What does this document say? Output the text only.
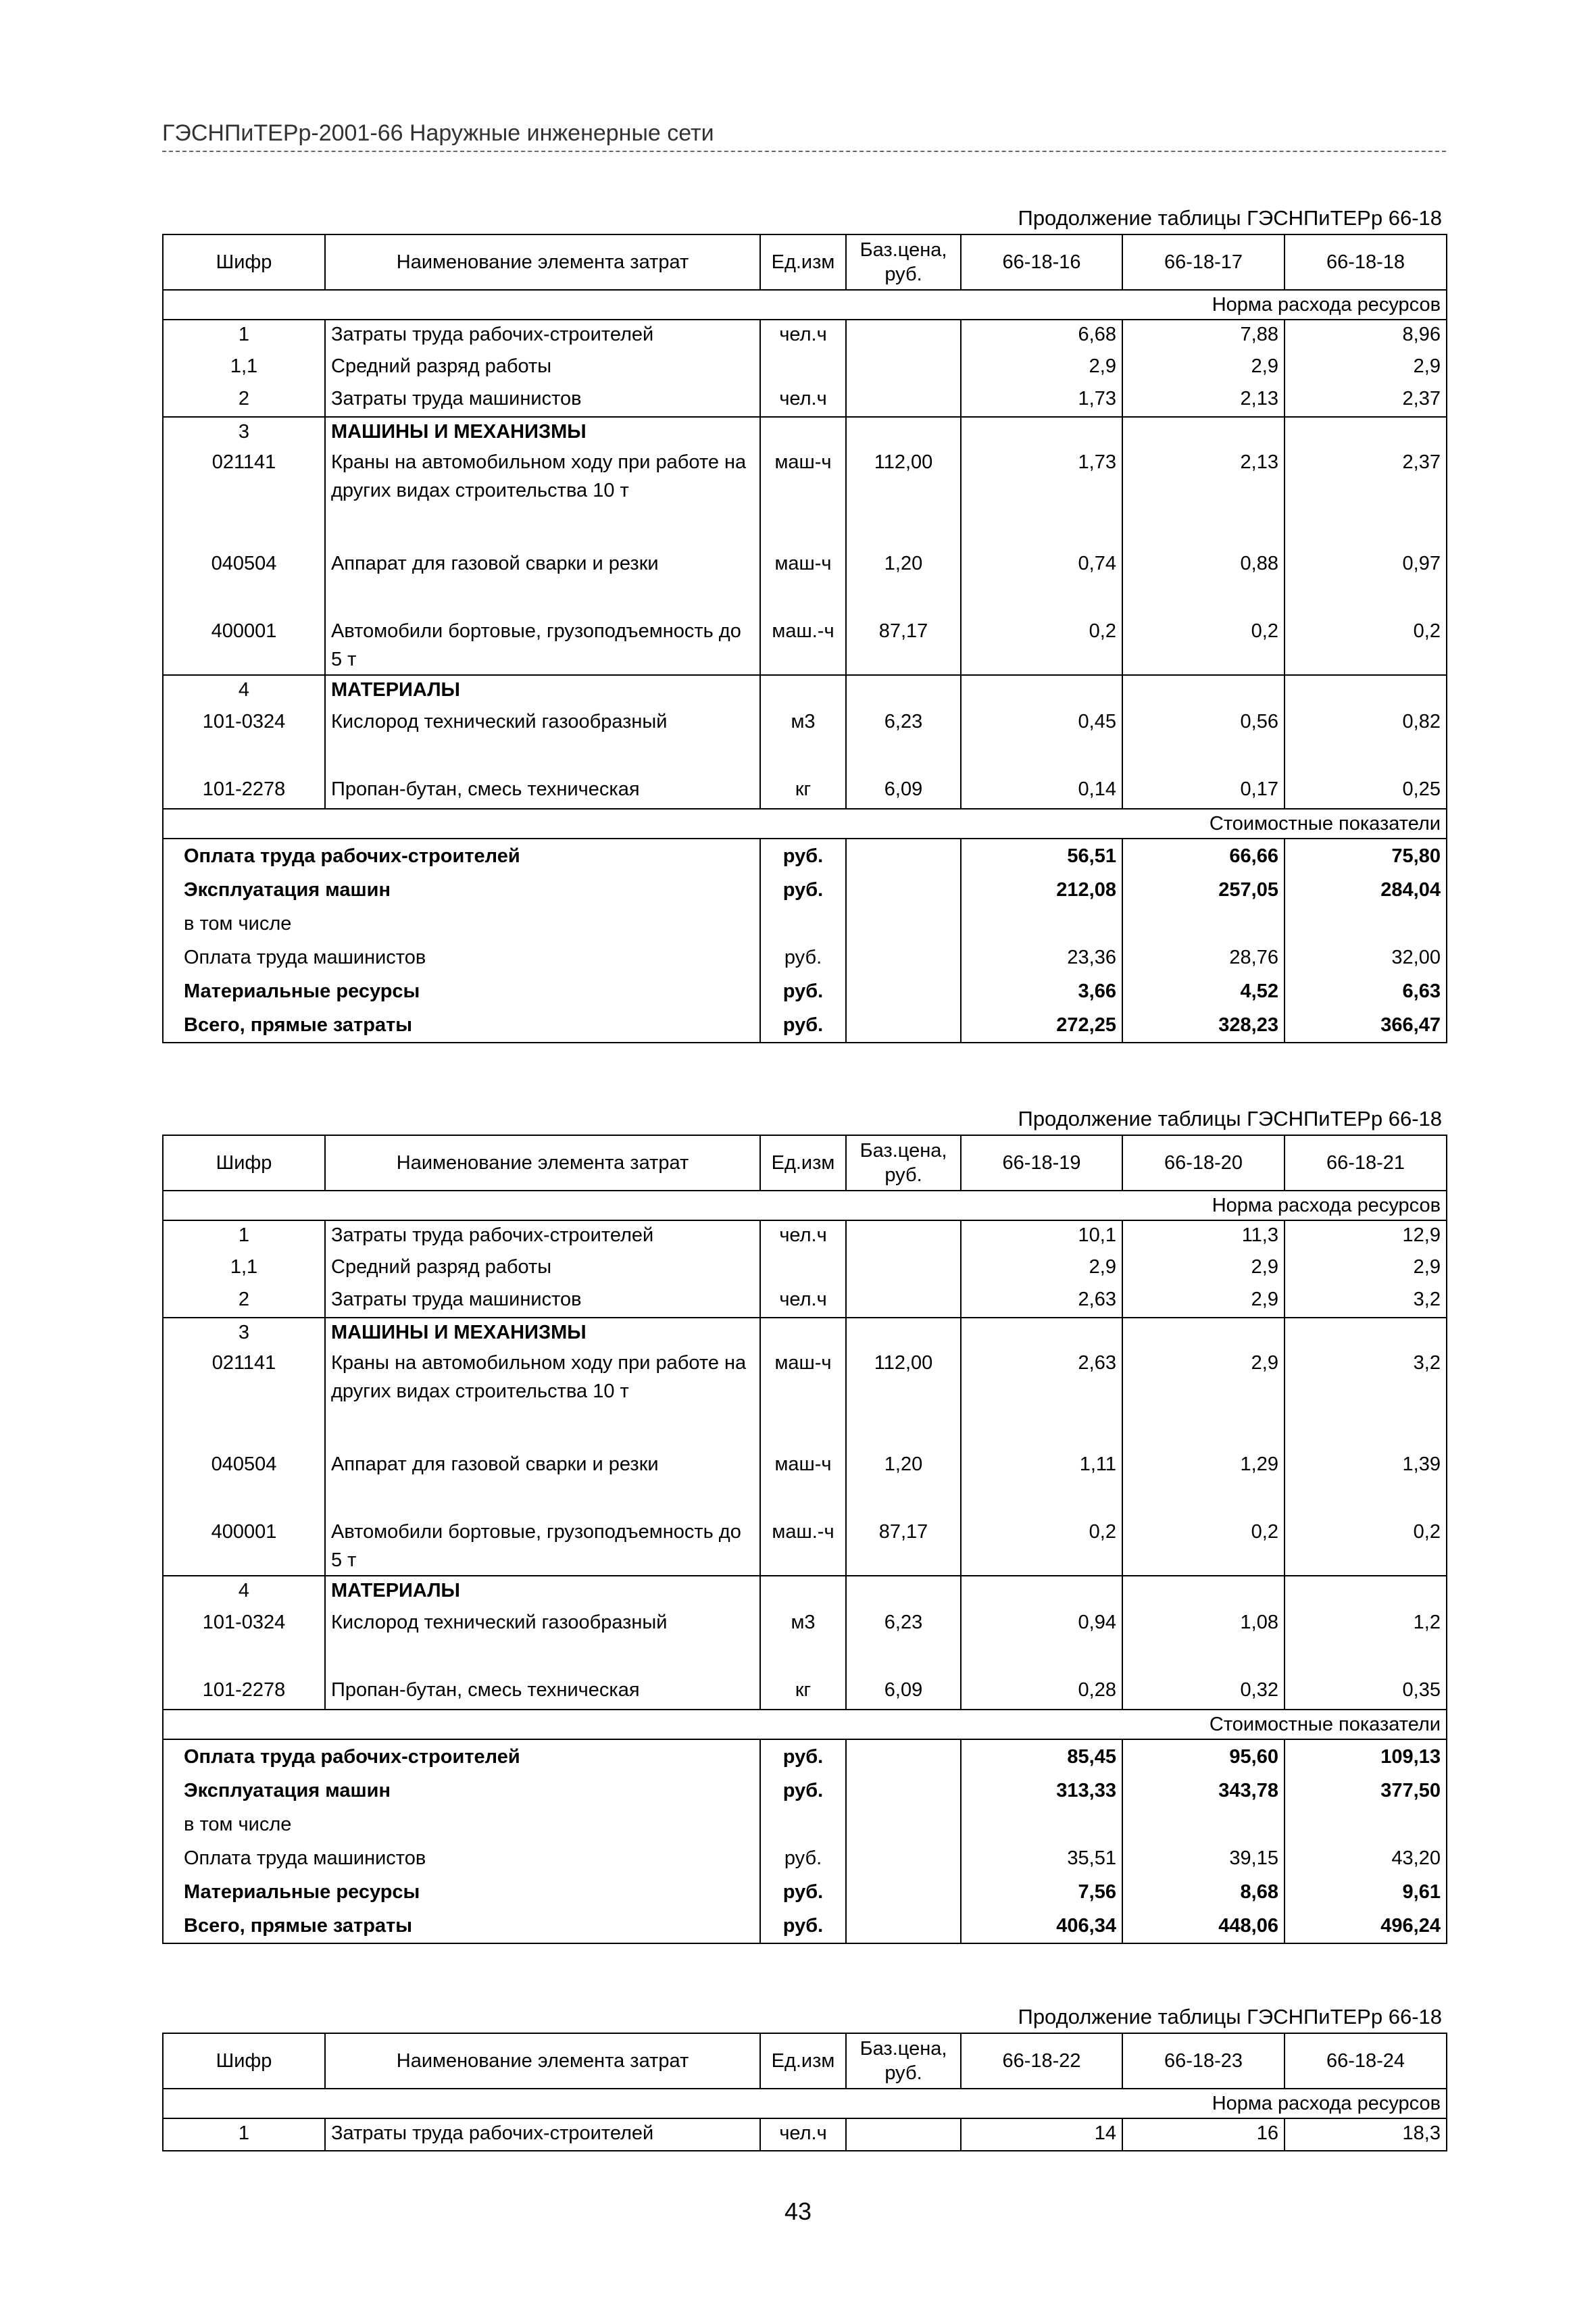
ГЭСНПиТЕРр-2001-66 Наружные инженерные сети
Продолжение таблицы ГЭСНПиТЕРр 66-18
Шифр	Наименование элемента затрат	Ед.изм	Баз.цена, руб.	66-18-16	66-18-17	66-18-18
Норма расхода ресурсов						
1	Затраты труда рабочих-строителей	чел.ч		6,68	7,88	8,96
1,1	Средний разряд работы			2,9	2,9	2,9
2	Затраты труда машинистов	чел.ч		1,73	2,13	2,37
3	МАШИНЫ И МЕХАНИЗМЫ					
021141	Краны на автомобильном ходу при работе на других видах строительства 10 т	маш-ч	112,00	1,73	2,13	2,37
040504	Аппарат для газовой сварки и резки	маш-ч	1,20	0,74	0,88	0,97
400001	Автомобили бортовые, грузоподъемность до 5 т	маш.-ч	87,17	0,2	0,2	0,2
4	МАТЕРИАЛЫ					
101-0324	Кислород технический газообразный	м3	6,23	0,45	0,56	0,82
101-2278	Пропан-бутан, смесь техническая	кг	6,09	0,14	0,17	0,25
Стоимостные показатели						
Оплата труда рабочих-строителей		руб.		56,51	66,66	75,80
Эксплуатация машин		руб.		212,08	257,05	284,04
в том числе						
Оплата труда машинистов		руб.		23,36	28,76	32,00
Материальные ресурсы		руб.		3,66	4,52	6,63
Всего, прямые затраты		руб.		272,25	328,23	366,47
Продолжение таблицы ГЭСНПиТЕРр 66-18
Шифр	Наименование элемента затрат	Ед.изм	Баз.цена, руб.	66-18-19	66-18-20	66-18-21
Норма расхода ресурсов						
1	Затраты труда рабочих-строителей	чел.ч		10,1	11,3	12,9
1,1	Средний разряд работы			2,9	2,9	2,9
2	Затраты труда машинистов	чел.ч		2,63	2,9	3,2
3	МАШИНЫ И МЕХАНИЗМЫ					
021141	Краны на автомобильном ходу при работе на других видах строительства 10 т	маш-ч	112,00	2,63	2,9	3,2
040504	Аппарат для газовой сварки и резки	маш-ч	1,20	1,11	1,29	1,39
400001	Автомобили бортовые, грузоподъемность до 5 т	маш.-ч	87,17	0,2	0,2	0,2
4	МАТЕРИАЛЫ					
101-0324	Кислород технический газообразный	м3	6,23	0,94	1,08	1,2
101-2278	Пропан-бутан, смесь техническая	кг	6,09	0,28	0,32	0,35
Стоимостные показатели						
Оплата труда рабочих-строителей		руб.		85,45	95,60	109,13
Эксплуатация машин		руб.		313,33	343,78	377,50
в том числе						
Оплата труда машинистов		руб.		35,51	39,15	43,20
Материальные ресурсы		руб.		7,56	8,68	9,61
Всего, прямые затраты		руб.		406,34	448,06	496,24
Продолжение таблицы ГЭСНПиТЕРр 66-18
Шифр	Наименование элемента затрат	Ед.изм	Баз.цена, руб.	66-18-22	66-18-23	66-18-24
Норма расхода ресурсов						
1	Затраты труда рабочих-строителей	чел.ч		14	16	18,3
43
